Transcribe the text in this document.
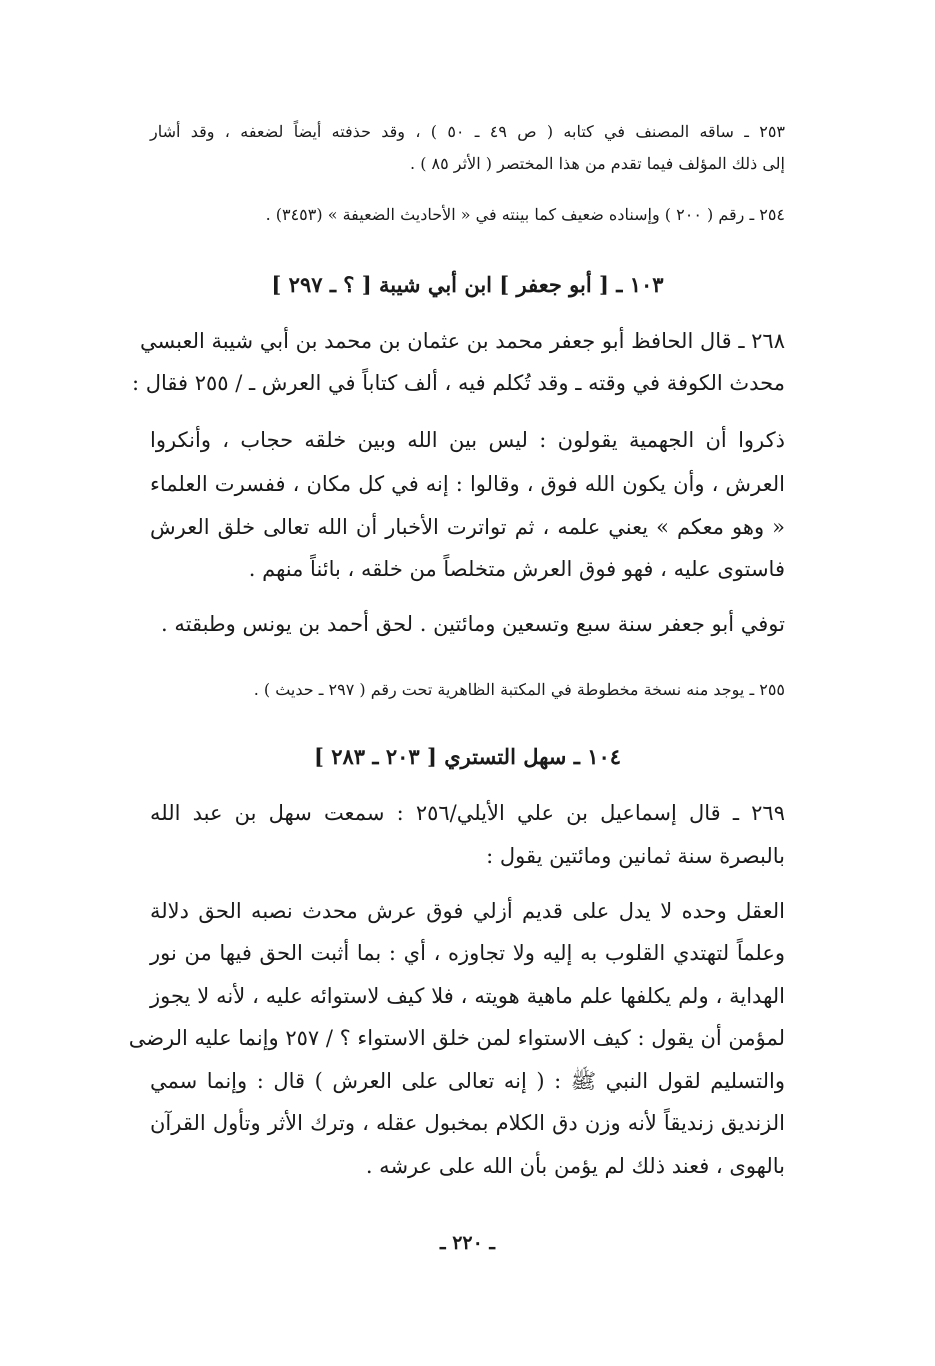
٢٥٣ ـ ساقه المصنف في كتابه ( ص ٤٩ ـ ٥٠ ) ، وقد حذفته أيضاً لضعفه ، وقد أشار
إلى ذلك المؤلف فيما تقدم من هذا المختصر ( الأثر ٨٥ ) .
٢٥٤ ـ رقم ( ٢٠٠ ) وإسناده ضعيف كما بينته في « الأحاديث الضعيفة » (٣٤٥٣) .
١٠٣ ـ [ أبو جعفر ] ابن أبي شيبة [ ؟ ـ ٢٩٧ ]
٢٦٨ ـ قال الحافظ أبو جعفر محمد بن عثمان بن محمد بن أبي شيبة العبسي
محدث الكوفة في وقته ـ وقد تُكلم فيه ، ألف كتاباً في العرش ـ / ٢٥٥ فقال :
ذكروا أن الجهمية يقولون : ليس بين الله وبين خلقه حجاب ، وأنكروا
العرش ، وأن يكون الله فوق ، وقالوا : إنه في كل مكان ، ففسرت العلماء
« وهو معكم » يعني علمه ، ثم تواترت الأخبار أن الله تعالى خلق العرش
فاستوى عليه ، فهو فوق العرش متخلصاً من خلقه ، بائناً منهم .
توفي أبو جعفر سنة سبع وتسعين ومائتين . لحق أحمد بن يونس وطبقته .
٢٥٥ ـ يوجد منه نسخة مخطوطة في المكتبة الظاهرية تحت رقم ( ٢٩٧ ـ حديث ) .
١٠٤ ـ سهل التستري [ ٢٠٣ ـ ٢٨٣ ]
٢٦٩ ـ قال إسماعيل بن علي الأيلي/٢٥٦ : سمعت سهل بن عبد الله
بالبصرة سنة ثمانين ومائتين يقول :
العقل وحده لا يدل على قديم أزلي فوق عرش محدث نصبه الحق دلالة
وعلماً لتهتدي القلوب به إليه ولا تجاوزه ، أي : بما أثبت الحق فيها من نور
الهداية ، ولم يكلفها علم ماهية هويته ، فلا كيف لاستوائه عليه ، لأنه لا يجوز
لمؤمن أن يقول : كيف الاستواء لمن خلق الاستواء ؟ / ٢٥٧ وإنما عليه الرضى
والتسليم لقول النبي ﷺ : ( إنه تعالى على العرش ) قال : وإنما سمي
الزنديق زنديقاً لأنه وزن دق الكلام بمخبول عقله ، وترك الأثر وتأول القرآن
بالهوى ، فعند ذلك لم يؤمن بأن الله على عرشه .
ـ ٢٢٠ ـ
